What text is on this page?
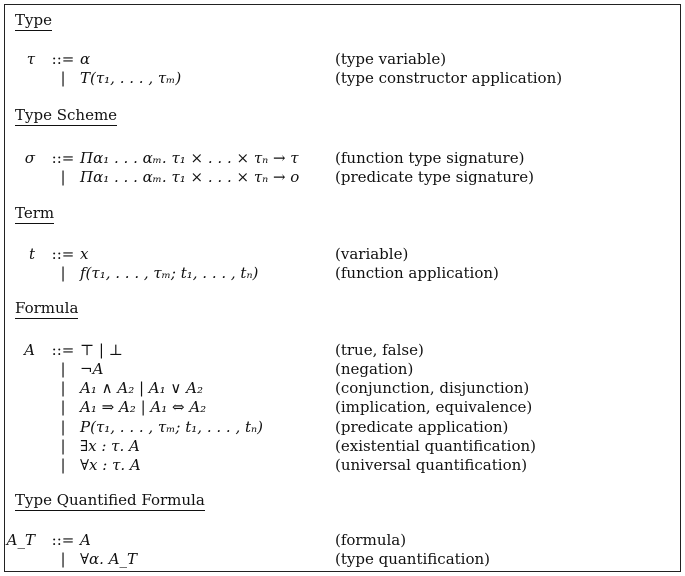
Type
τ	::= α	(type variable)
| T(τ₁, . . . , τₘ)	(type constructor application)
Type Scheme
σ	::= Πα₁ . . . αₘ. τ₁ × . . . × τₙ → τ (function type signature)
| Πα₁ . . . αₘ. τ₁ × . . . × τₙ → o (predicate type signature)
Term
t	::= x	(variable)
| f(τ₁, . . . , τₘ; t₁, . . . , tₙ)	(function application)
Formula
A	::= ⊤ | ⊥	(true, false)
| ¬A	(negation)
| A₁ ∧ A₂ | A₁ ∨ A₂	(conjunction, disjunction)
| A₁ ⇒ A₂ | A₁ ⇔ A₂	(implication, equivalence)
| P(τ₁, . . . , τₘ; t₁, . . . , tₙ)	(predicate application)
| ∃x : τ. A	(existential quantification)
| ∀x : τ. A	(universal quantification)
Type Quantified Formula
A_T	::= A	(formula)
| ∀α. A_T	(type quantification)
